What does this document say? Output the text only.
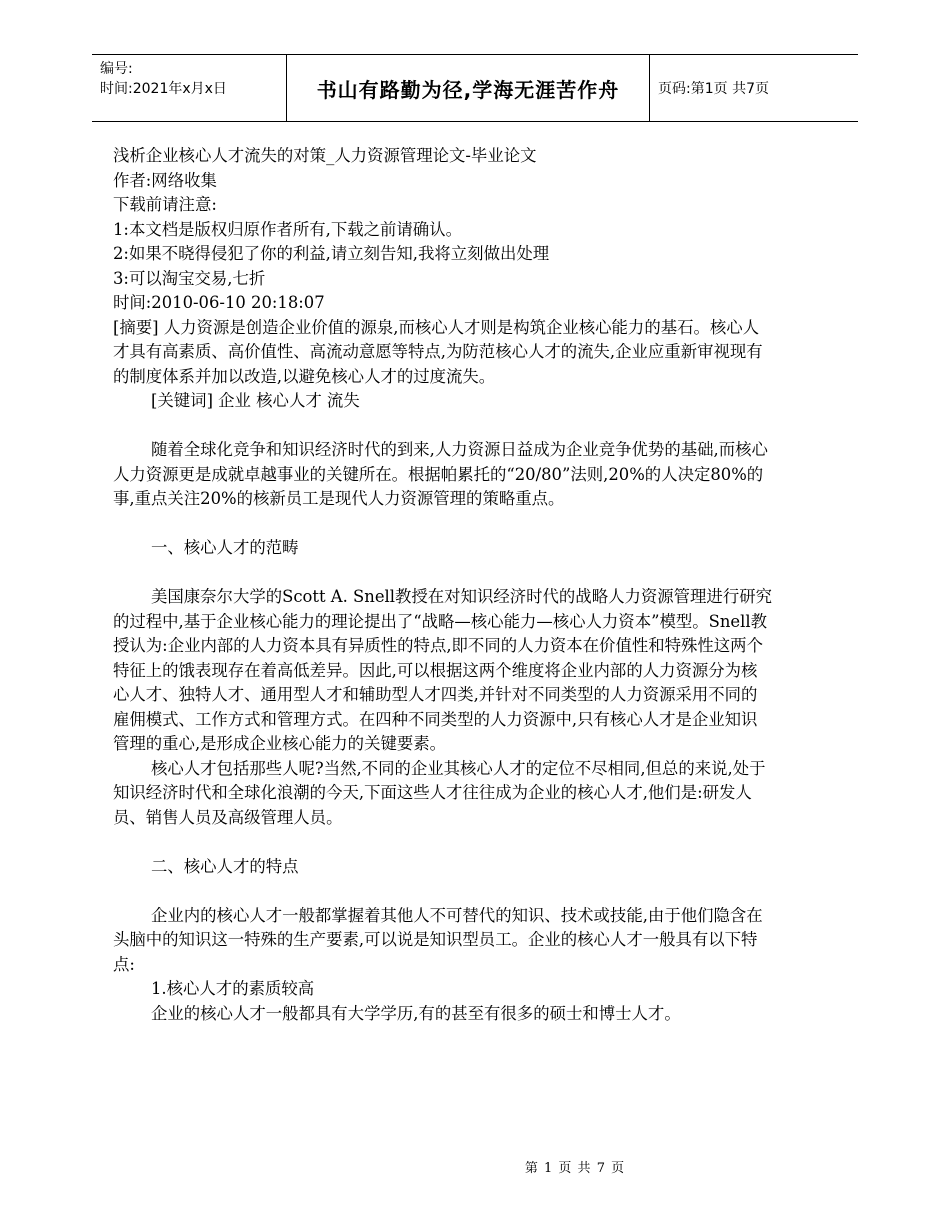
编号:
时间:2021年x月x日	书山有路勤为径,学海无涯苦作舟	页码:第1页 共7页

浅析企业核心人才流失的对策_人力资源管理论文-毕业论文

作者:网络收集

下载前请注意:

1:本文档是版权归原作者所有,下载之前请确认。

2:如果不晓得侵犯了你的利益,请立刻告知,我将立刻做出处理

3:可以淘宝交易,七折

时间:2010-06-10 20:18:07

[摘要] 人力资源是创造企业价值的源泉,而核心人才则是构筑企业核心能力的基石。核心人才具有高素质、高价值性、高流动意愿等特点,为防范核心人才的流失,企业应重新审视现有的制度体系并加以改造,以避免核心人才的过度流失。

[关键词] 企业 核心人才 流失

随着全球化竞争和知识经济时代的到来,人力资源日益成为企业竞争优势的基础,而核心人力资源更是成就卓越事业的关键所在。根据帕累托的“20/80”法则,20%的人决定80%的事,重点关注20%的核新员工是现代人力资源管理的策略重点。

一、核心人才的范畴

美国康奈尔大学的Scott A. Snell教授在对知识经济时代的战略人力资源管理进行研究的过程中,基于企业核心能力的理论提出了“战略—核心能力—核心人力资本”模型。Snell教授认为:企业内部的人力资本具有异质性的特点,即不同的人力资本在价值性和特殊性这两个特征上的饿表现存在着高低差异。因此,可以根据这两个维度将企业内部的人力资源分为核心人才、独特人才、通用型人才和辅助型人才四类,并针对不同类型的人力资源采用不同的雇佣模式、工作方式和管理方式。在四种不同类型的人力资源中,只有核心人才是企业知识管理的重心,是形成企业核心能力的关键要素。

核心人才包括那些人呢?当然,不同的企业其核心人才的定位不尽相同,但总的来说,处于知识经济时代和全球化浪潮的今天,下面这些人才往往成为企业的核心人才,他们是:研发人员、销售人员及高级管理人员。

二、核心人才的特点

企业内的核心人才一般都掌握着其他人不可替代的知识、技术或技能,由于他们隐含在头脑中的知识这一特殊的生产要素,可以说是知识型员工。企业的核心人才一般具有以下特点:

1.核心人才的素质较高

企业的核心人才一般都具有大学学历,有的甚至有很多的硕士和博士人才。

第 1 页 共 7 页
